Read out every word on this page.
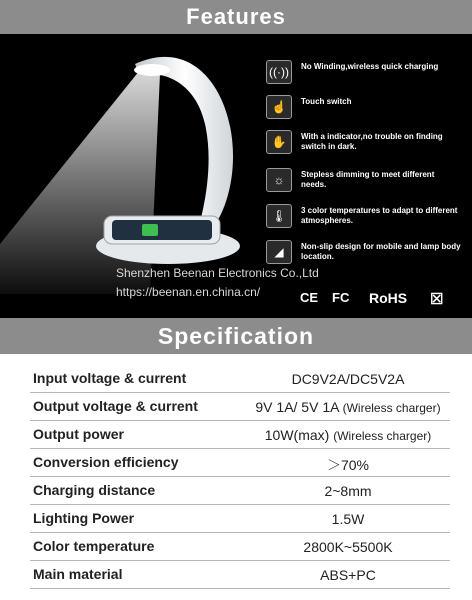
Features
((·))	No Winding,wireless quick charging
☝	Touch switch
✋	With a indicator,no trouble on finding switch in dark.
☼	Stepless dimming to meet different needs.
🌡	3 color temperatures to adapt to different atmospheres.
◢	Non-slip design for mobile and lamp body location.
Shenzhen Beenan Electronics Co.,Ltd
https://beenan.en.china.cn/	CE FC RoHS ☒
Specification
Input voltage & current	DC9V2A/DC5V2A
Output voltage & current	9V 1A/ 5V 1A (Wireless charger)
Output power	10W(max) (Wireless charger)
Conversion efficiency	＞70%
Charging distance	2~8mm
Lighting Power	1.5W
Color temperature	2800K~5500K
Main material	ABS+PC
